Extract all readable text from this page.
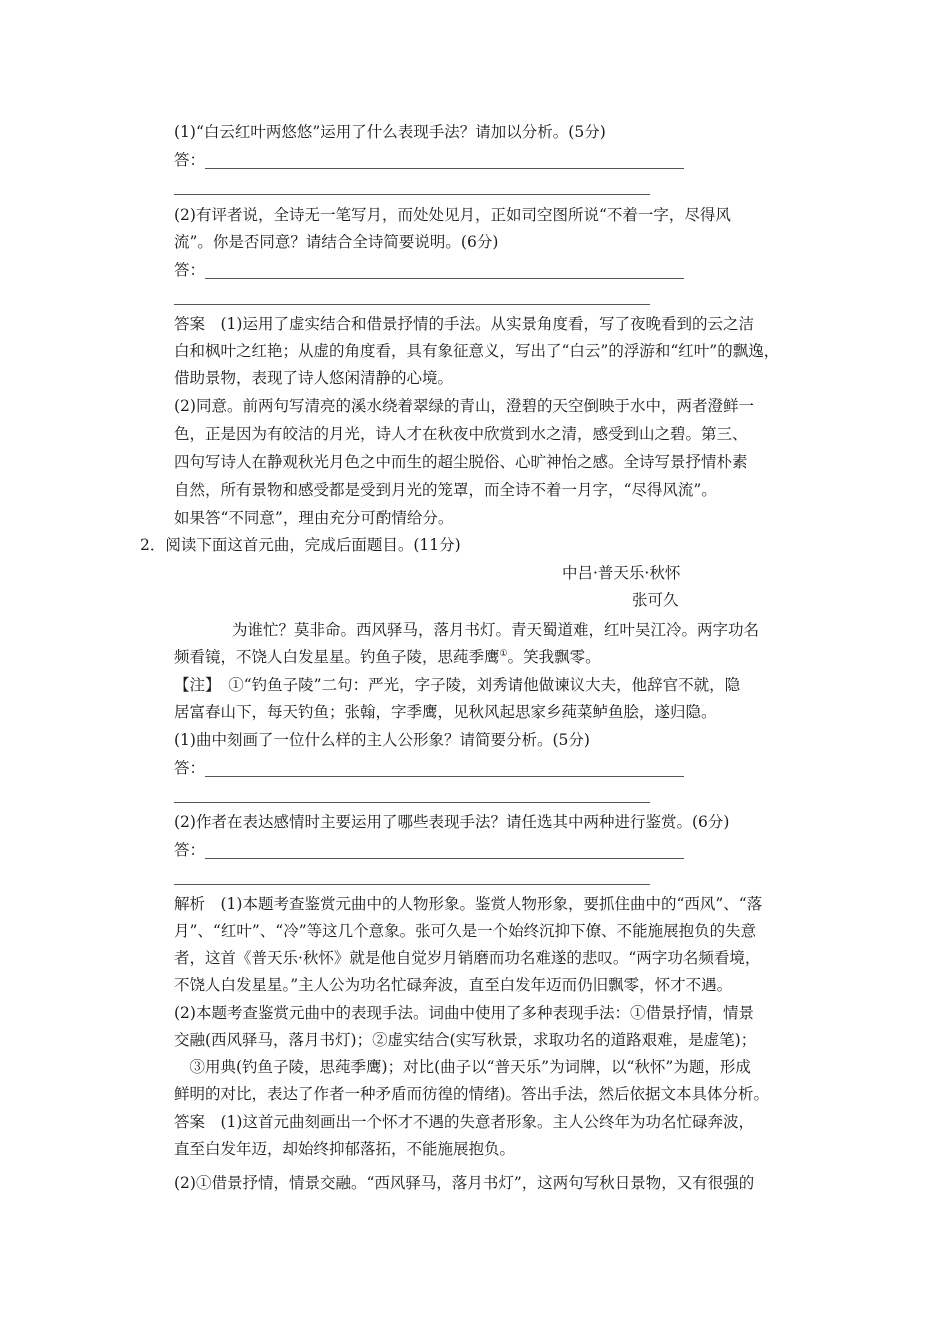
(1)“白云红叶两悠悠”运用了什么表现手法？请加以分析。(5分)
答：
(2)有评者说，全诗无一笔写月，而处处见月，正如司空图所说“不着一字，尽得风
流”。你是否同意？请结合全诗简要说明。(6分)
答：
答案　(1)运用了虚实结合和借景抒情的手法。从实景角度看，写了夜晚看到的云之洁
白和枫叶之红艳；从虚的角度看，具有象征意义，写出了“白云”的浮游和“红叶”的飘逸，
借助景物，表现了诗人悠闲清静的心境。
(2)同意。前两句写清亮的溪水绕着翠绿的青山，澄碧的天空倒映于水中，两者澄鲜一
色，正是因为有皎洁的月光，诗人才在秋夜中欣赏到水之清，感受到山之碧。第三、
四句写诗人在静观秋光月色之中而生的超尘脱俗、心旷神怡之感。全诗写景抒情朴素
自然，所有景物和感受都是受到月光的笼罩，而全诗不着一月字，“尽得风流”。
如果答“不同意”，理由充分可酌情给分。
2．阅读下面这首元曲，完成后面题目。(11分)
中吕·普天乐·秋怀
张可久
为谁忙？莫非命。西风驿马，落月书灯。青天蜀道难，红叶吴江冷。两字功名
频看镜，不饶人白发星星。钓鱼子陵，思莼季鹰①。笑我飘零。
【注】　①“钓鱼子陵”二句：严光，字子陵，刘秀请他做谏议大夫，他辞官不就，隐
居富春山下，每天钓鱼；张翰，字季鹰，见秋风起思家乡莼菜鲈鱼脍，遂归隐。
(1)曲中刻画了一位什么样的主人公形象？请简要分析。(5分)
答：
(2)作者在表达感情时主要运用了哪些表现手法？请任选其中两种进行鉴赏。(6分)
答：
解析　(1)本题考查鉴赏元曲中的人物形象。鉴赏人物形象，要抓住曲中的“西风”、“落
月”、“红叶”、“冷”等这几个意象。张可久是一个始终沉抑下僚、不能施展抱负的失意
者，这首《普天乐·秋怀》就是他自觉岁月销磨而功名难遂的悲叹。“两字功名频看境，
不饶人白发星星。”主人公为功名忙碌奔波，直至白发年迈而仍旧飘零，怀才不遇。
(2)本题考查鉴赏元曲中的表现手法。词曲中使用了多种表现手法：①借景抒情，情景
交融(西风驿马，落月书灯)；②虚实结合(实写秋景，求取功名的道路艰难，是虚笔)；
　③用典(钓鱼子陵，思莼季鹰)；对比(曲子以“普天乐”为词牌，以“秋怀”为题，形成
鲜明的对比，表达了作者一种矛盾而彷徨的情绪)。答出手法，然后依据文本具体分析。
答案　(1)这首元曲刻画出一个怀才不遇的失意者形象。主人公终年为功名忙碌奔波，
直至白发年迈，却始终抑郁落拓，不能施展抱负。
(2)①借景抒情，情景交融。“西风驿马，落月书灯”，这两句写秋日景物，又有很强的
